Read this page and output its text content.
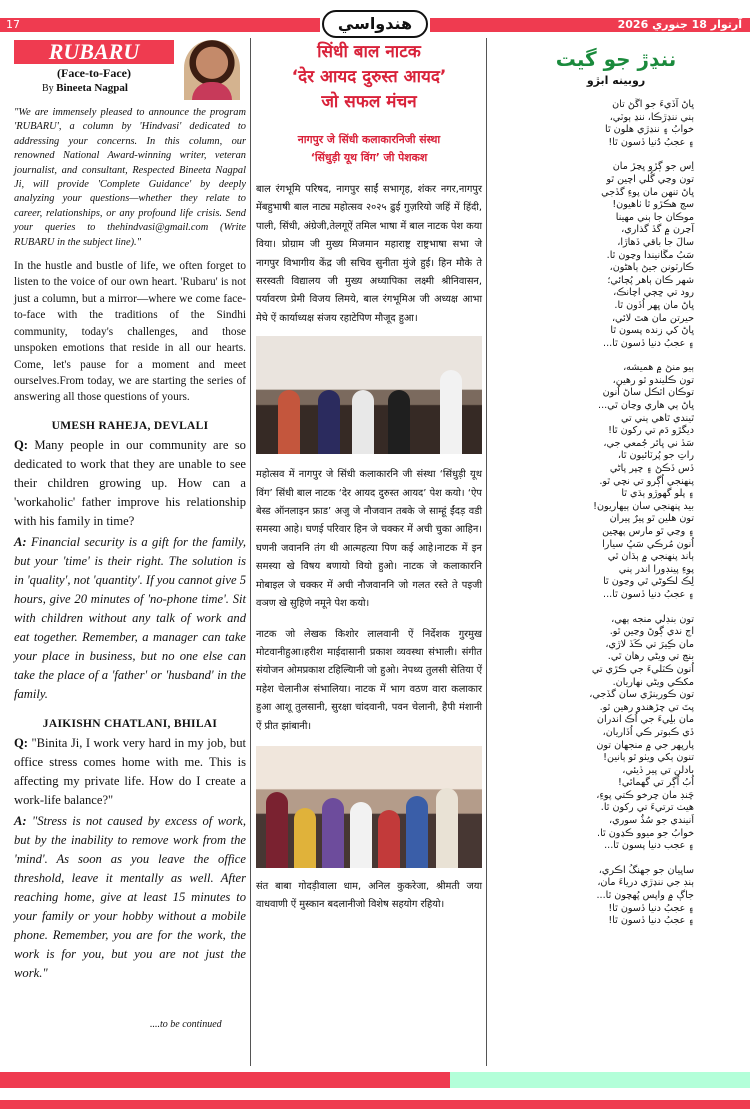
17	هندواسي	آرتوار 18 جنوري 2026
RUBARU
(Face-to-Face)
By Bineeta Nagpal

"We are immensely pleased to announce the program 'RUBARU', a column by 'Hindvasi' dedicated to addressing your concerns. In this column, our renowned National Award-winning writer, veteran journalist, and consultant, Respected Bineeta Nagpal Ji, will provide 'Complete Guidance' by deeply analyzing your questions—whether they relate to career, relationships, or any profound life crisis. Send your queries to thehindvasi@gmail.com (Write RUBARU in the subject line)."

In the hustle and bustle of life, we often forget to listen to the voice of our own heart. 'Rubaru' is not just a column, but a mirror—where we come face-to-face with the traditions of the Sindhi community, today's challenges, and those unspoken emotions that reside in all our hearts. Come, let's pause for a moment and meet ourselves.From today, we are starting the series of answering all those questions of yours.

UMESH RAHEJA, DEVLALI

Q: Many people in our community are so dedicated to work that they are unable to see their children growing up. How can a 'workaholic' father improve his relationship with his family in time?

A: Financial security is a gift for the family, but your 'time' is their right. The solution is in 'quality', not 'quantity'. If you cannot give 5 hours, give 20 minutes of 'no-phone time'. Sit with children without any talk of work and eat together. Remember, a manager can take your place in business, but no one else can take the place of a 'father' or 'husband' in the family.

JAIKISHN CHATLANI, BHILAI

Q: "Binita Ji, I work very hard in my job, but office stress comes home with me. This is affecting my private life. How do I create a work-life balance?"

A: "Stress is not caused by excess of work, but by the inability to remove work from the 'mind'. As soon as you leave the office threshold, leave it mentally as well. After reaching home, give at least 15 minutes to your family or your hobby without a mobile phone. Remember, you are for the work, the work is for you, but you are not just the work."

....to be continued
सिंधी बाल नाटक
‘देर आयद दुरुस्त आयद’
जो सफल मंचन
नागपुर जे सिंधी कलाकारनिजी संस्था
‘सिंधुड़ी यूथ विंग’ जी पेशकश

बाल रंगभूमि परिषद, नागपुर साईं सभागृह, शंकर नगर,नागपुर मेंबहुभाषी बाल नाट्य महोत्सव २०२५ ढुई गुज़रियो जहिं में हिंदी, पाली, सिंधी, अंग्रेजी,तेलगूऐं तमिल भाषा में बाल नाटक पेश कया विया। प्रोग्राम जी मुख्य मिजमान महाराष्ट्र राष्ट्रभाषा सभा जे नागपुर विभागीय केंद्र जी सचिव सुनीता मुंजे हुई। हिन मौके ते सरस्वती विद्यालय जी मुख्य अध्यापिका लक्ष्मी श्रीनिवासन, पर्यावरण प्रेमी विजय लिमये, बाल रंगभूमिअ जी अध्यक्ष आभा मेघे ऐं कार्याध्यक्ष संजय रहाटेपिण मौजूद हुआ।

महोत्सव में नागपुर जे सिंधी कलाकारनि जी संस्था ‘सिंधुड़ी यूथ विंग’ सिंधी बाल नाटक ‘देर आयद दुरुस्त आयद’ पेश कयो। ‘ऐप बेस्ड ऑनलाइन फ्राड’ अजु जे नौजवान तबके जे साम्हूं ईंदड़ वडी समस्या आहे। घणई परिवार हिन जे चक्कर में अची चुका आहिन। घणनी जवाननि तंग थी आत्महत्या पिण कई आहे।नाटक में इन समस्या खे विषय बणायो वियो हुओ। नाटक जे कलाकारनि मोबाइल जे चक्कर में अची नौजवाननि जो गलत रस्ते ते पइजी वञण खे सुहिणे नमूने पेश कयो।

नाटक जो लेखक किशोर लालवानी ऐं निर्देशक गुरमुख मोटवानीहुआ।हरीश माईदासानी प्रकाश व्यवस्था संभाली। संगीत संयोजन ओमप्रकाश टहिल्यिानी जो हुओ। नेपथ्य तुलसी सेतिया ऐं महेश चेलानीअ संभालिया। नाटक में भाग वठण वारा कलाकार हुआ आशू तुलसानी, सुरक्षा चांदवानी, पवन चेलानी, हैपी मंशानी ऐं प्रीत झांबानी।

संत बाबा गोदड़ीवाला धाम, अनिल कुकरेजा, श्रीमती जया वाधवाणी ऐं मुस्कान बदलानीजो विशेष सहयोग रहियो।

ننڍڙ جو گيت
روبينه ابڙو
ڀاڻ آڏيءَ جو اڱڻ تان
ٻني ننڍڙڪا، ننڍ ٻوٽي،
خوابُ ۽ ننڍڙي هلون ٿا
۽ عجبُ دُنيا ڏسون ٿا!
اِس جو ڳڙو ڀڃڙ مان
تون وڃي گُلي اچين ٿو
ڀاڻ تنهن مان پوءِ گڏجي
سڄ هڪڙو ٿا ٺاهيون!
موڪان جا ٻني مهينا
آڃرن ۾ گڏ گذاري،
سالَ جا باقي ڏهاڙا،
سَبُ مڱانيندا وڃون ٿا.
ڪارٽونن جيڻ ٻاهڻون،
شهر ڪان ٻاهر پُڄائي؛
رود تي ڇڄي اچانڪ،
ڀاڻ مان ڀهر اُڏون ٿا.
حيرتن مان هٿ لائي،
ڀاڻ کي زنده پسون ٿا
۽ عجبُ دنيا ڏسون ٿا...
ٻيو منڻ ۾ هميشه،
تون ڪليندو ٿو رهين،
توڪان اٿڪل ساڻ اُنون
ڀاڻ ٻي هاري وڃان ٿي...
ٿيندي ٿاهي ٻني تي
ديگڙو دَم تي رکون ٿا!
سَڏ ني ڀائر جُمعي جي،
راتِ جو پُرٽائيون ٿا،
ڏس ڏڪڻ ۽ چپر پاڻي
پنهنجي اُڳرو تي نچي ٿو.
۽ پلو گهوڙو ٻڌي ٿا
بيد پنهنجي سان ٻيهاريون!
تون هلين ٿو پيرٌ پيران
۽ وڃي ٿو مارس پهچين
اُنون مُرڪي سَڀُ سيارا
ٻاند پنهنجي ۾ ٻڌان ٿي
پوءِ پينڊورا اندر ٻني
لِڪ لڪوڻي ٿي وڃون ٿا
۽ عجبُ دنيا ڏسون ٿا...
تون بنڊلي منجه ٻهي،
اڄ ندي ڳوڻ وڃين ٿو.
مان ڪِيرَ تي ڪَڏ لاڙي،
بنڃ تي ويڻي رهان ٿي.
اُنون ڪٽليءَ جي ڪڙي تي
مکڪي ويڻي نهاريان.
تون ڪورينڙي سان گڏجي،
پتَ تي چڙهندو رهين ٿو.
مان بلِيءَ جي اُڪ اندران
ڏي ڪبوتر ڪي اُڏاريان،
پارپهر جي ۾ منجهان تون
تنون ٻکي ويٺو ٿو ٻانين!
بادلن تي پير ڏيئي،
اُبُ اُڳر تي گهمائي!
چَنڊ مان چرخو ڪتي پوءِ،
هيٺ ترتيءَ تي رکون ٿا.
اَنيندي جو سُڏُ سوري،
خوابُ جو ميوو ڪڍون ٿا.
۽ عجب دنيا پسون ٿا...
ساڀيان جو جهنگُ اڪري،
ٻنڊ جي ننڍڙي درياءَ مان،
جاڳ ۾ واپس پُهچون ٿا...
۽ عجبُ دنيا ڏسون ٿا!
۽ عجبُ دنيا ڏسون ٿا!
